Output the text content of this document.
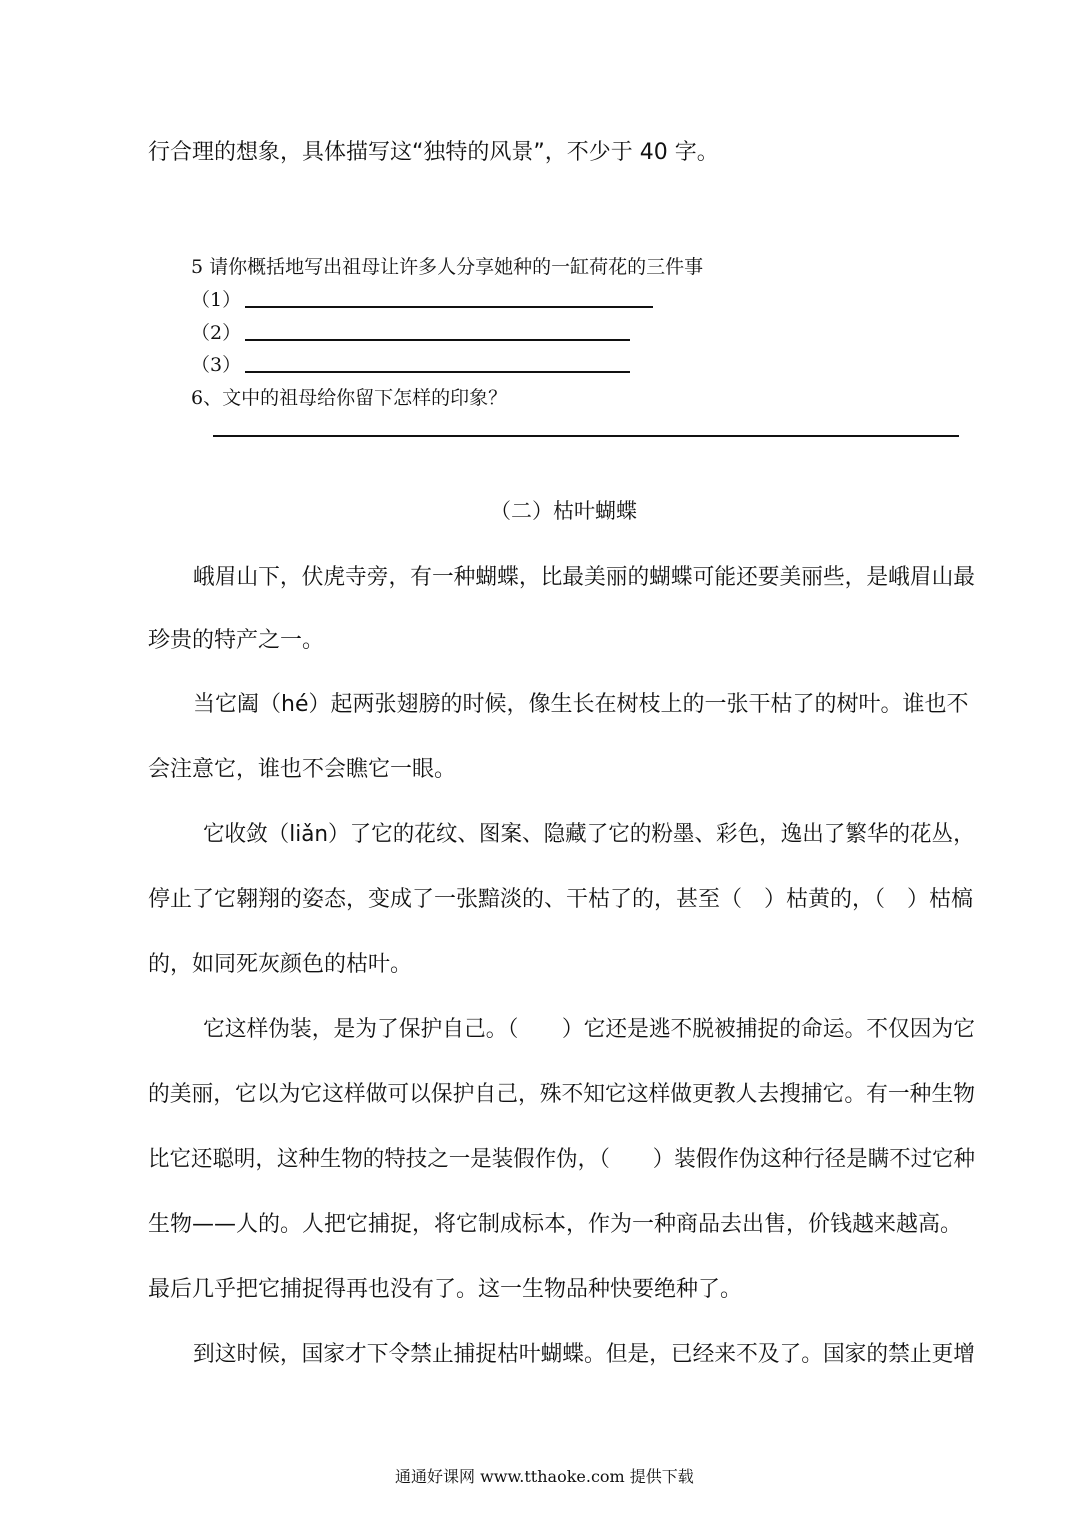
行合理的想象，具体描写这“独特的风景”，不少于 40 字。
5 请你概括地写出祖母让许多人分享她种的一缸荷花的三件事
（1）
（2）
（3）
6、文中的祖母给你留下怎样的印象？
（二）枯叶蝴蝶
峨眉山下，伏虎寺旁，有一种蝴蝶，比最美丽的蝴蝶可能还要美丽些，是峨眉山最
珍贵的特产之一。
当它阖（hé）起两张翅膀的时候，像生长在树枝上的一张干枯了的树叶。谁也不
会注意它，谁也不会瞧它一眼。
它收敛（liǎn）了它的花纹、图案、隐藏了它的粉墨、彩色，逸出了繁华的花丛，
停止了它翱翔的姿态，变成了一张黯淡的、干枯了的，甚至（　）枯黄的，（　）枯槁
的，如同死灰颜色的枯叶。
它这样伪装，是为了保护自己。（　　）它还是逃不脱被捕捉的命运。不仅因为它
的美丽，它以为它这样做可以保护自己，殊不知它这样做更教人去搜捕它。有一种生物
比它还聪明，这种生物的特技之一是装假作伪，（　　）装假作伪这种行径是瞒不过它种
生物——人的。人把它捕捉，将它制成标本，作为一种商品去出售，价钱越来越高。
最后几乎把它捕捉得再也没有了。这一生物品种快要绝种了。
到这时候，国家才下令禁止捕捉枯叶蝴蝶。但是，已经来不及了。国家的禁止更增
通通好课网 www.tthaoke.com 提供下载
